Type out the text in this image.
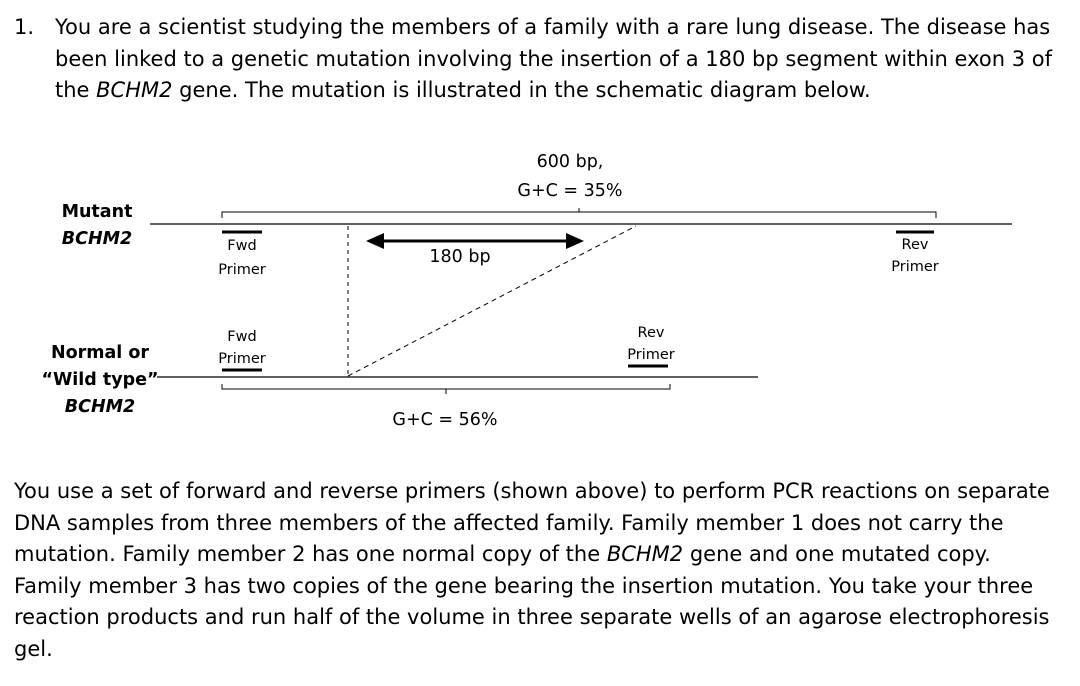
1. You are a scientist studying the members of a family with a rare lung disease. The disease has been linked to a genetic mutation involving the insertion of a 180 bp segment within exon 3 of the BCHM2 gene. The mutation is illustrated in the schematic diagram below.
Mutant
BCHM2
Normal or
“Wild type”
BCHM2
600 bp,
G+C = 35%
180 bp
G+C = 56%
Fwd
Primer
Rev
Primer
Fwd
Primer
Rev
Primer
You use a set of forward and reverse primers (shown above) to perform PCR reactions on separate DNA samples from three members of the affected family. Family member 1 does not carry the mutation. Family member 2 has one normal copy of the BCHM2 gene and one mutated copy. Family member 3 has two copies of the gene bearing the insertion mutation. You take your three reaction products and run half of the volume in three separate wells of an agarose electrophoresis gel.
